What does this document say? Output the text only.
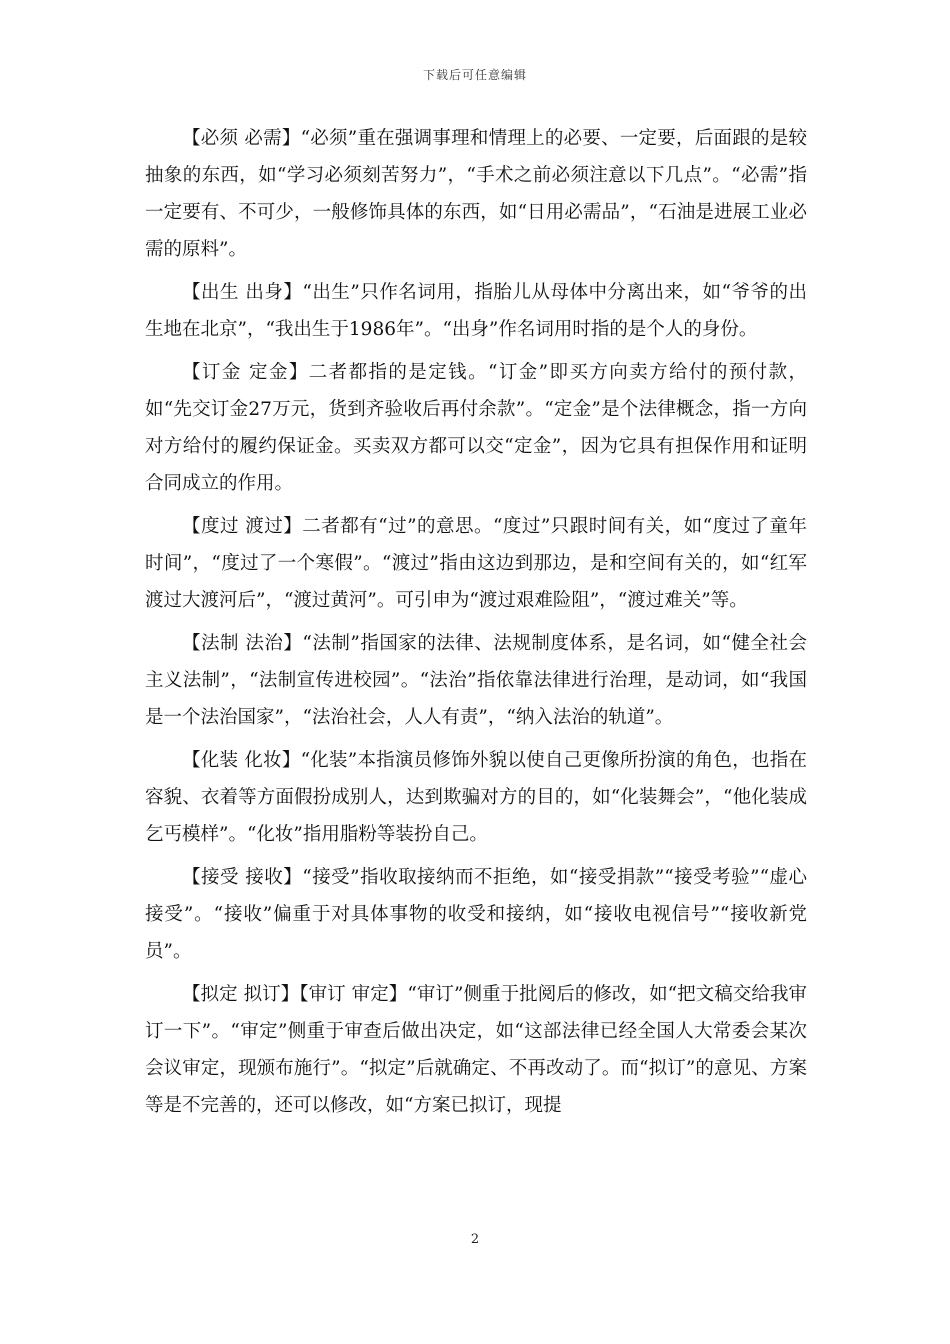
下载后可任意编辑

【必须 必需】“必须”重在强调事理和情理上的必要、一定要，后面跟的是较抽象的东西，如“学习必须刻苦努力”，“手术之前必须注意以下几点”。“必需”指一定要有、不可少，一般修饰具体的东西，如“日用必需品”，“石油是进展工业必需的原料”。

【出生 出身】“出生”只作名词用，指胎儿从母体中分离出来，如“爷爷的出生地在北京”，“我出生于1986年”。“出身”作名词用时指的是个人的身份。

【订金 定金】二者都指的是定钱。“订金”即买方向卖方给付的预付款，如“先交订金27万元，货到齐验收后再付余款”。“定金”是个法律概念，指一方向对方给付的履约保证金。买卖双方都可以交“定金”，因为它具有担保作用和证明合同成立的作用。

【度过 渡过】二者都有“过”的意思。“度过”只跟时间有关，如“度过了童年时间”，“度过了一个寒假”。“渡过”指由这边到那边，是和空间有关的，如“红军渡过大渡河后”，“渡过黄河”。可引申为“渡过艰难险阻”，“渡过难关”等。

【法制 法治】“法制”指国家的法律、法规制度体系，是名词，如“健全社会主义法制”，“法制宣传进校园”。“法治”指依靠法律进行治理，是动词，如“我国是一个法治国家”，“法治社会，人人有责”，“纳入法治的轨道”。

【化装 化妆】“化装”本指演员修饰外貌以使自己更像所扮演的角色，也指在容貌、衣着等方面假扮成别人，达到欺骗对方的目的，如“化装舞会”，“他化装成乞丐模样”。“化妆”指用脂粉等装扮自己。

【接受 接收】“接受”指收取接纳而不拒绝，如“接受捐款”“接受考验”“虚心接受”。“接收”偏重于对具体事物的收受和接纳，如“接收电视信号”“接收新党员”。

【拟定 拟订】【审订 审定】“审订”侧重于批阅后的修改，如“把文稿交给我审订一下”。“审定”侧重于审查后做出决定，如“这部法律已经全国人大常委会某次会议审定，现颁布施行”。“拟定”后就确定、不再改动了。而“拟订”的意见、方案等是不完善的，还可以修改，如“方案已拟订，现提

2
